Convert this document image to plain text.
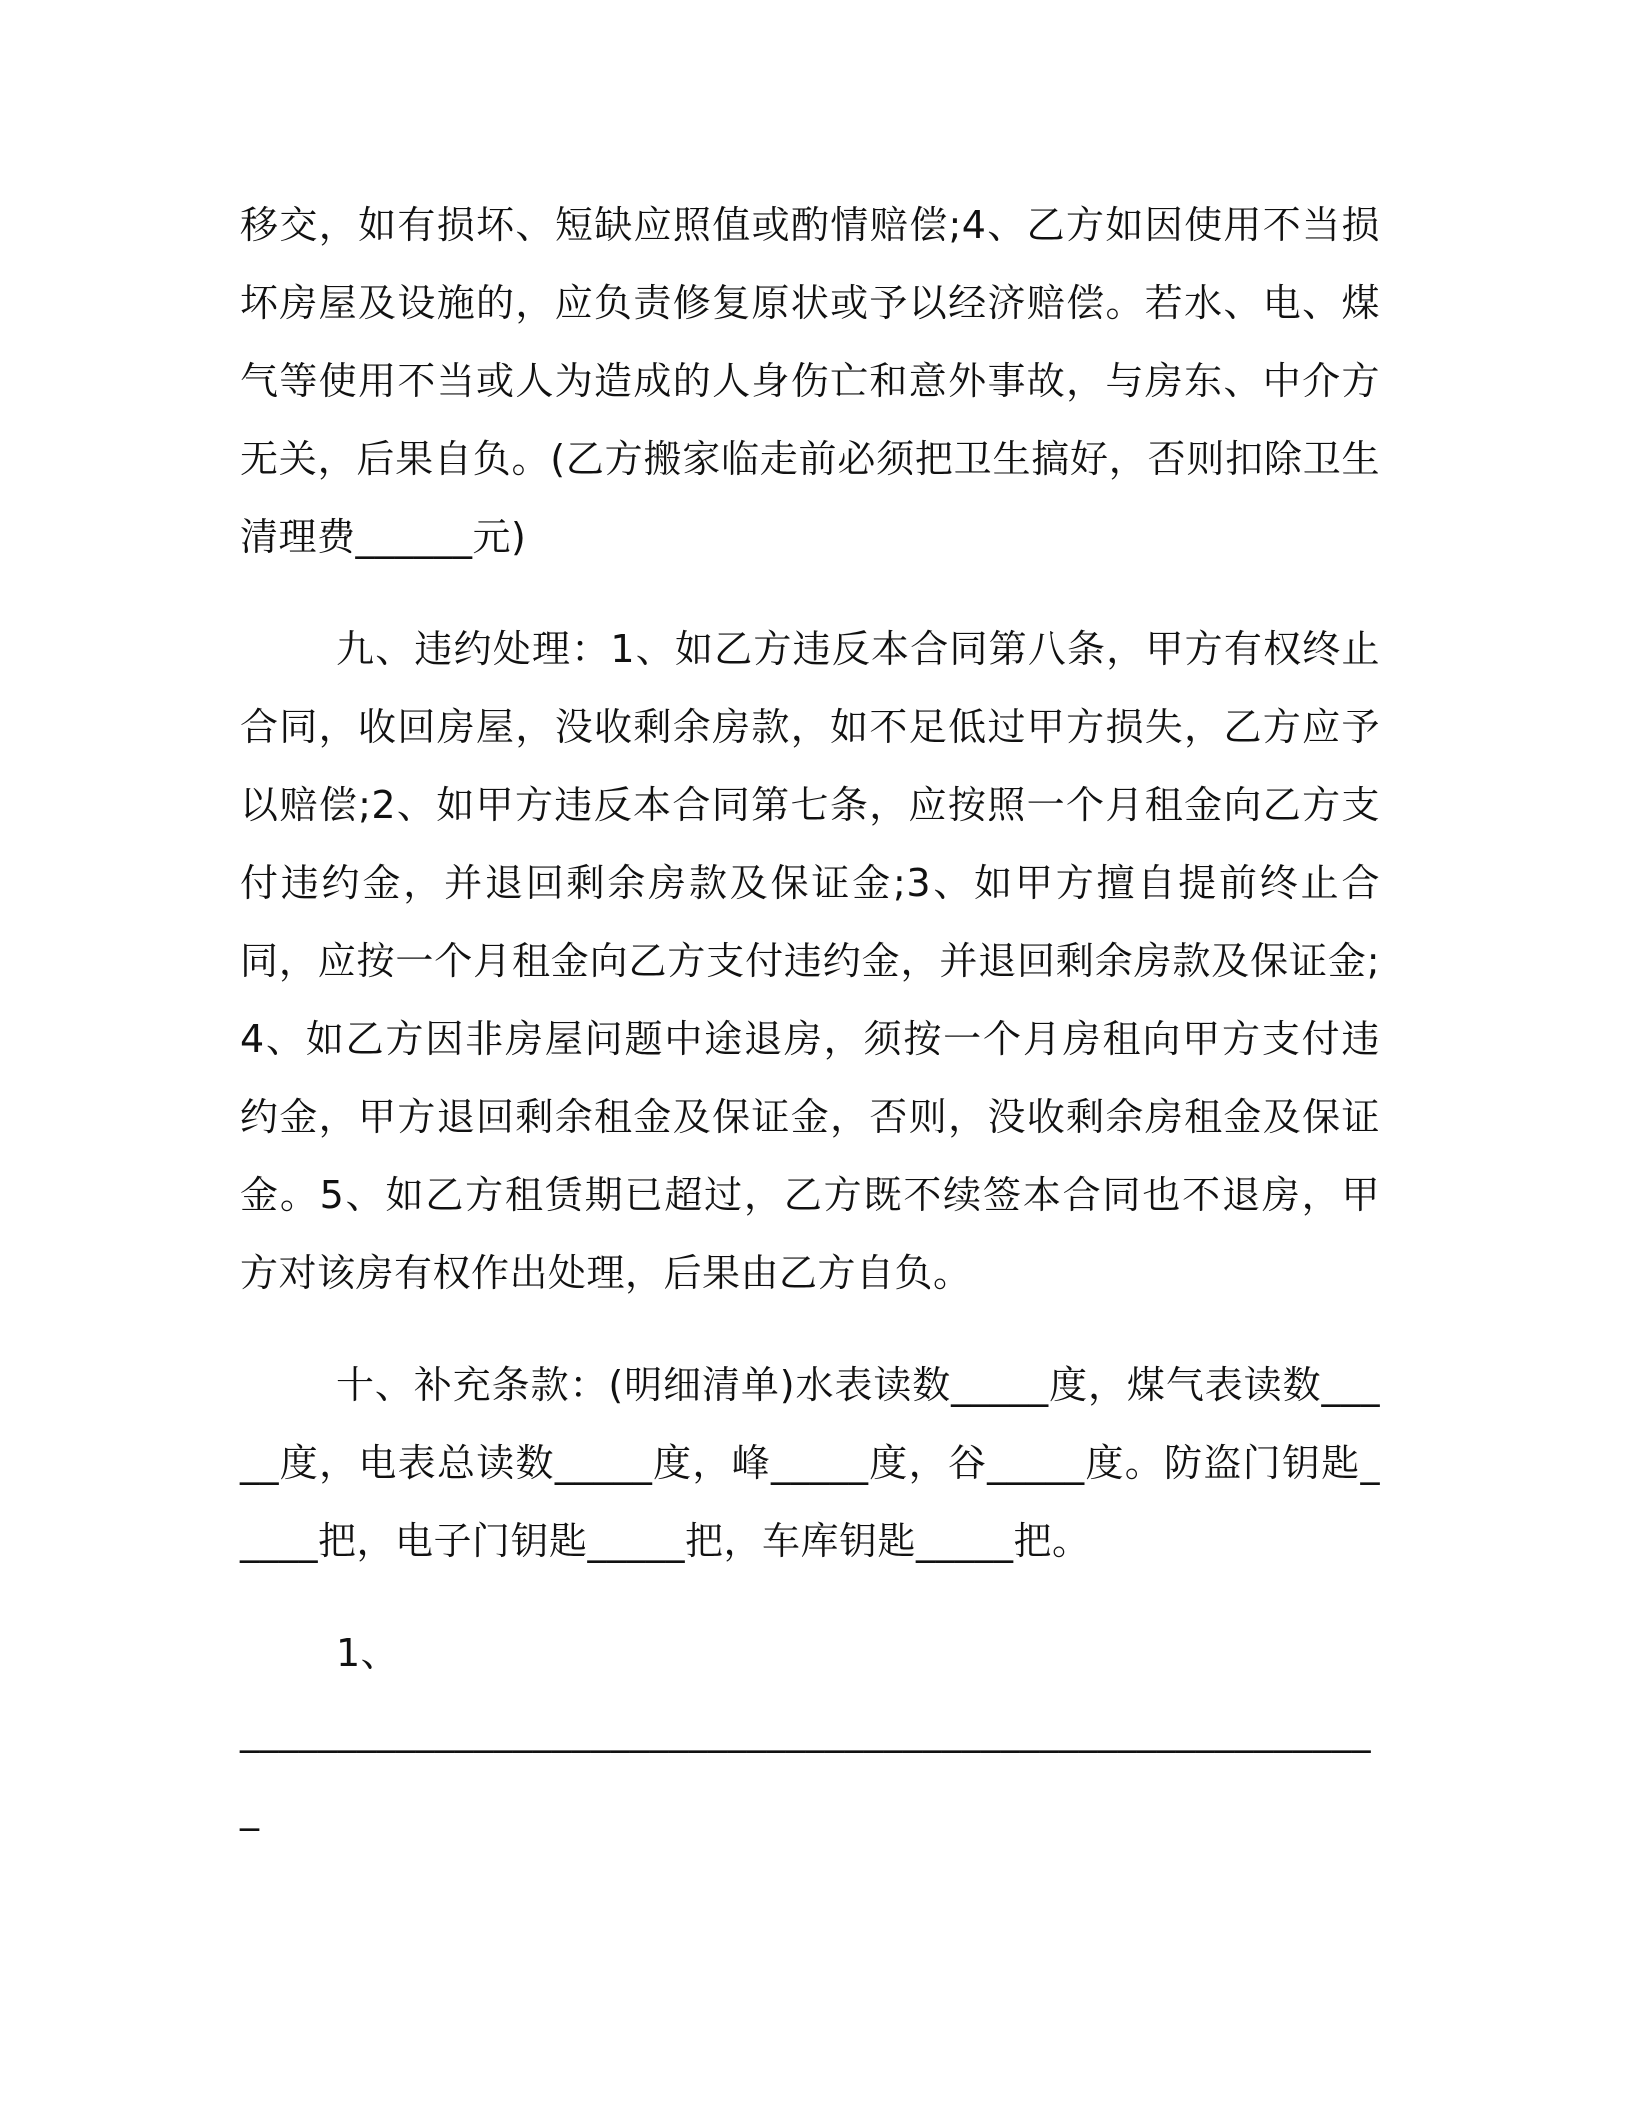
移交，如有损坏、短缺应照值或酌情赔偿;4、乙方如因使用不当损坏房屋及设施的，应负责修复原状或予以经济赔偿。若水、电、煤气等使用不当或人为造成的人身伤亡和意外事故，与房东、中介方无关，后果自负。(乙方搬家临走前必须把卫生搞好，否则扣除卫生清理费______元)

九、违约处理：1、如乙方违反本合同第八条，甲方有权终止合同，收回房屋，没收剩余房款，如不足低过甲方损失，乙方应予以赔偿;2、如甲方违反本合同第七条，应按照一个月租金向乙方支付违约金，并退回剩余房款及保证金;3、如甲方擅自提前终止合同，应按一个月租金向乙方支付违约金，并退回剩余房款及保证金;4、如乙方因非房屋问题中途退房，须按一个月房租向甲方支付违约金，甲方退回剩余租金及保证金，否则，没收剩余房租金及保证金。5、如乙方租赁期已超过，乙方既不续签本合同也不退房，甲方对该房有权作出处理，后果由乙方自负。

十、补充条款：(明细清单)水表读数_____度，煤气表读数_____度，电表总读数_____度，峰_____度，谷_____度。防盗门钥匙_____把，电子门钥匙_____把，车库钥匙_____把。

1、

___________________________________________________________
